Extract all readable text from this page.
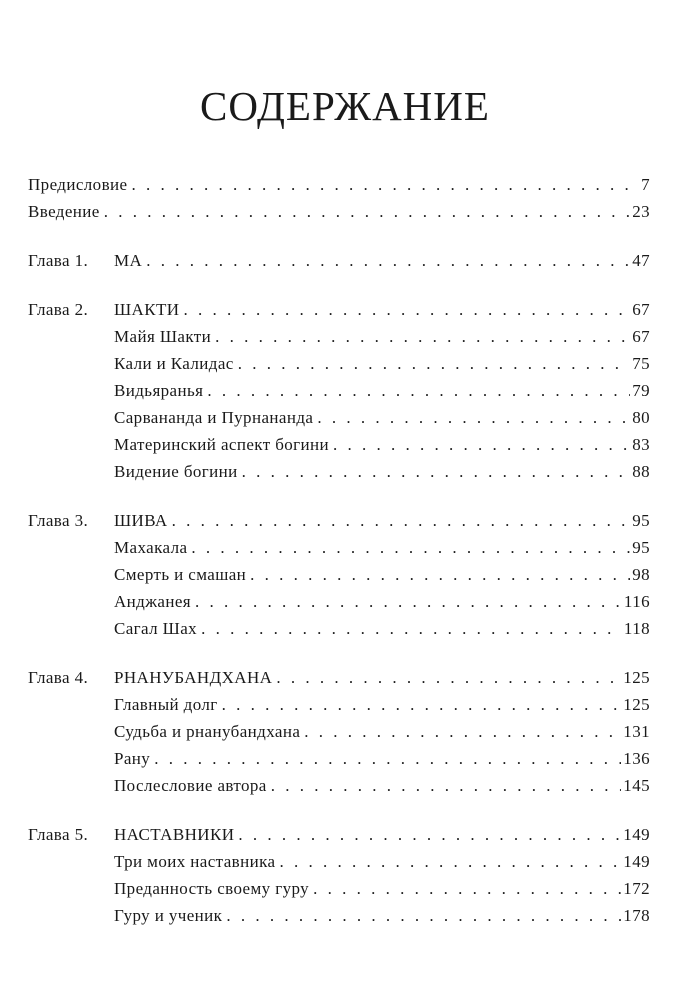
СОДЕРЖАНИЕ
Предисловие . . .	7
Введение . . .	23
Глава 1.	МА . . .	47
Глава 2.	ШАКТИ . . .	67
Майя Шакти . . .	67
Кали и Калидас . . .	75
Видьяранья . . .	79
Сарвананда и Пурнананда . . .	80
Материнский аспект богини . . .	83
Видение богини . . .	88
Глава 3.	ШИВА . . .	95
Махакала . . .	95
Смерть и смашан . . .	98
Анджанея . . .	116
Сагал Шах . . .	118
Глава 4.	РНАНУБАНДХАНА . . .	125
Главный долг . . .	125
Судьба и рнанубандхана . . .	131
Рану . . .	136
Послесловие автора . . .	145
Глава 5.	НАСТАВНИКИ . . .	149
Три моих наставника . . .	149
Преданность своему гуру . . .	172
Гуру и ученик . . .	178
